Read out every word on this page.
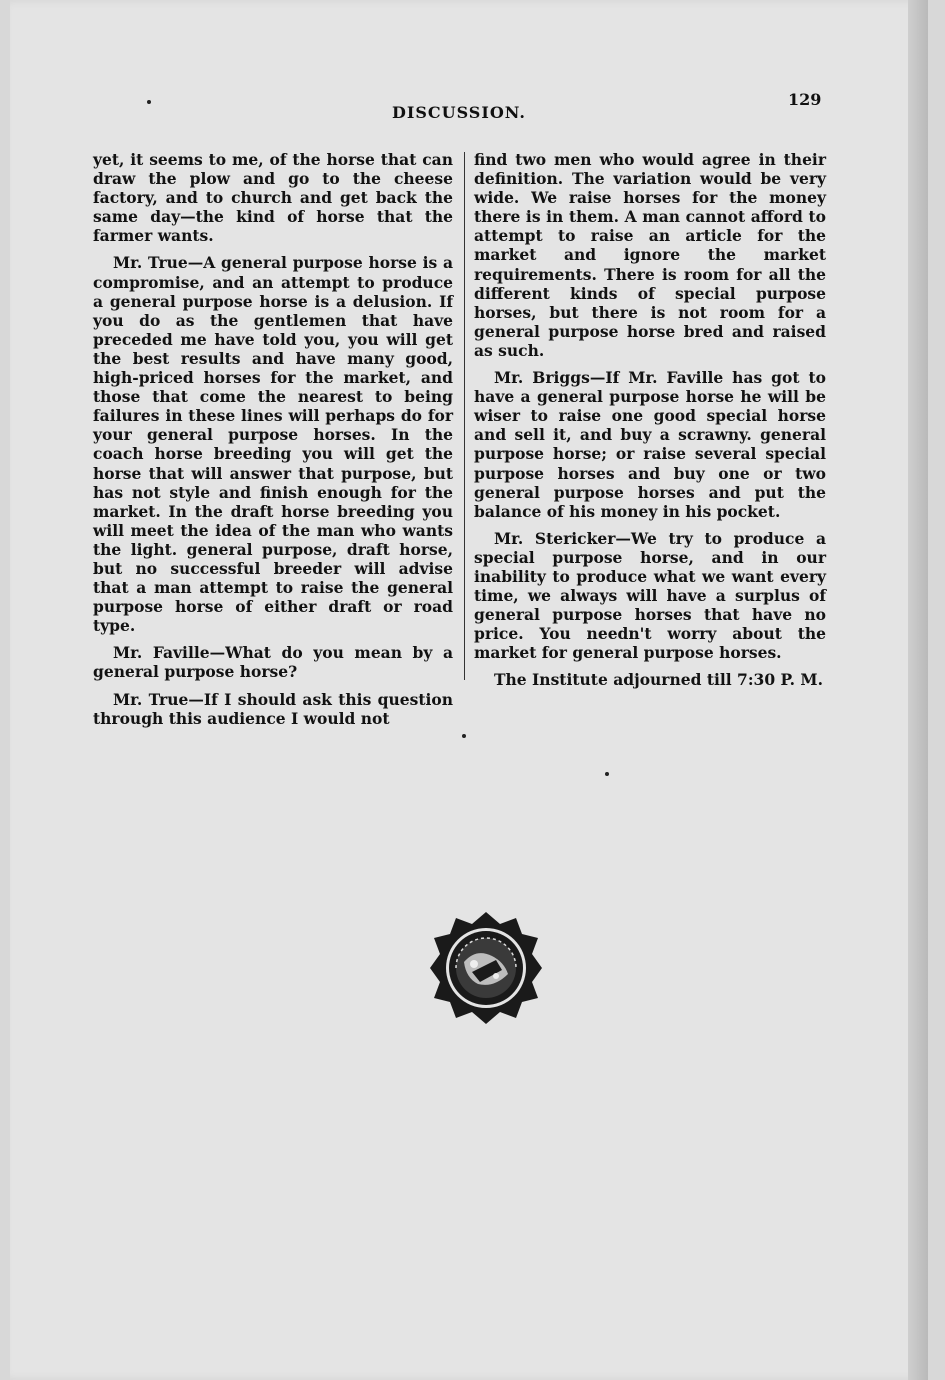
DISCUSSION.
129

yet, it seems to me, of the horse that can draw the plow and go to the cheese factory, and to church and get back the same day—the kind of horse that the farmer wants.

Mr. True—A general purpose horse is a compromise, and an attempt to produce a general purpose horse is a delusion. If you do as the gentlemen that have preceded me have told you, you will get the best results and have many good, high-priced horses for the market, and those that come the nearest to being failures in these lines will perhaps do for your general purpose horses. In the coach horse breeding you will get the horse that will answer that purpose, but has not style and finish enough for the market. In the draft horse breeding you will meet the idea of the man who wants the light. general purpose, draft horse, but no successful breeder will advise that a man attempt to raise the general purpose horse of either draft or road type.

Mr. Faville—What do you mean by a general purpose horse?

Mr. True—If I should ask this question through this audience I would not

find two men who would agree in their definition. The variation would be very wide. We raise horses for the money there is in them. A man cannot afford to attempt to raise an article for the market and ignore the market requirements. There is room for all the different kinds of special purpose horses, but there is not room for a general purpose horse bred and raised as such.

Mr. Briggs—If Mr. Faville has got to have a general purpose horse he will be wiser to raise one good special horse and sell it, and buy a scrawny. general purpose horse; or raise several special purpose horses and buy one or two general purpose horses and put the balance of his money in his pocket.

Mr. Stericker—We try to produce a special purpose horse, and in our inability to produce what we want every time, we always will have a surplus of general purpose horses that have no price. You needn't worry about the market for general purpose horses.

The Institute adjourned till 7:30 P. M.
